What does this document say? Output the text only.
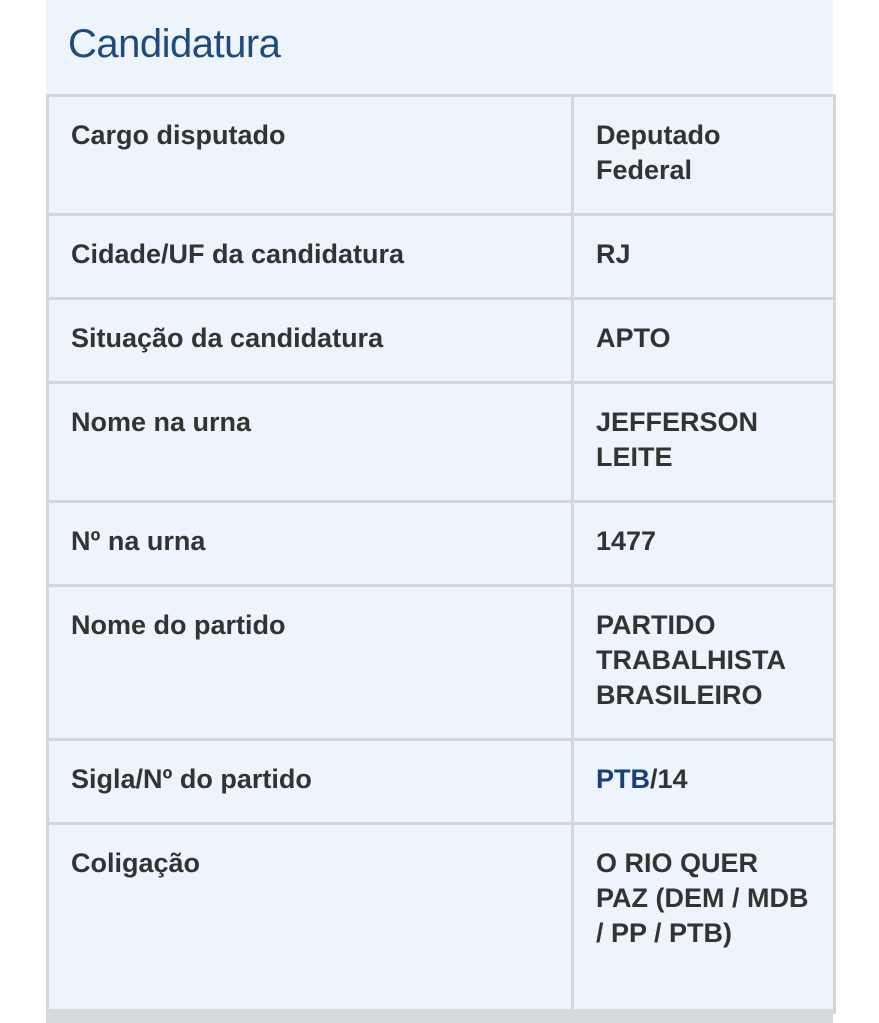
Candidatura
Cargo disputado	Deputado Federal
Cidade/UF da candidatura	RJ
Situação da candidatura	APTO
Nome na urna	JEFFERSON LEITE
Nº na urna	1477
Nome do partido	PARTIDO TRABALHISTA BRASILEIRO
Sigla/Nº do partido	PTB/14
Coligação	O RIO QUER PAZ (DEM / MDB / PP / PTB)
